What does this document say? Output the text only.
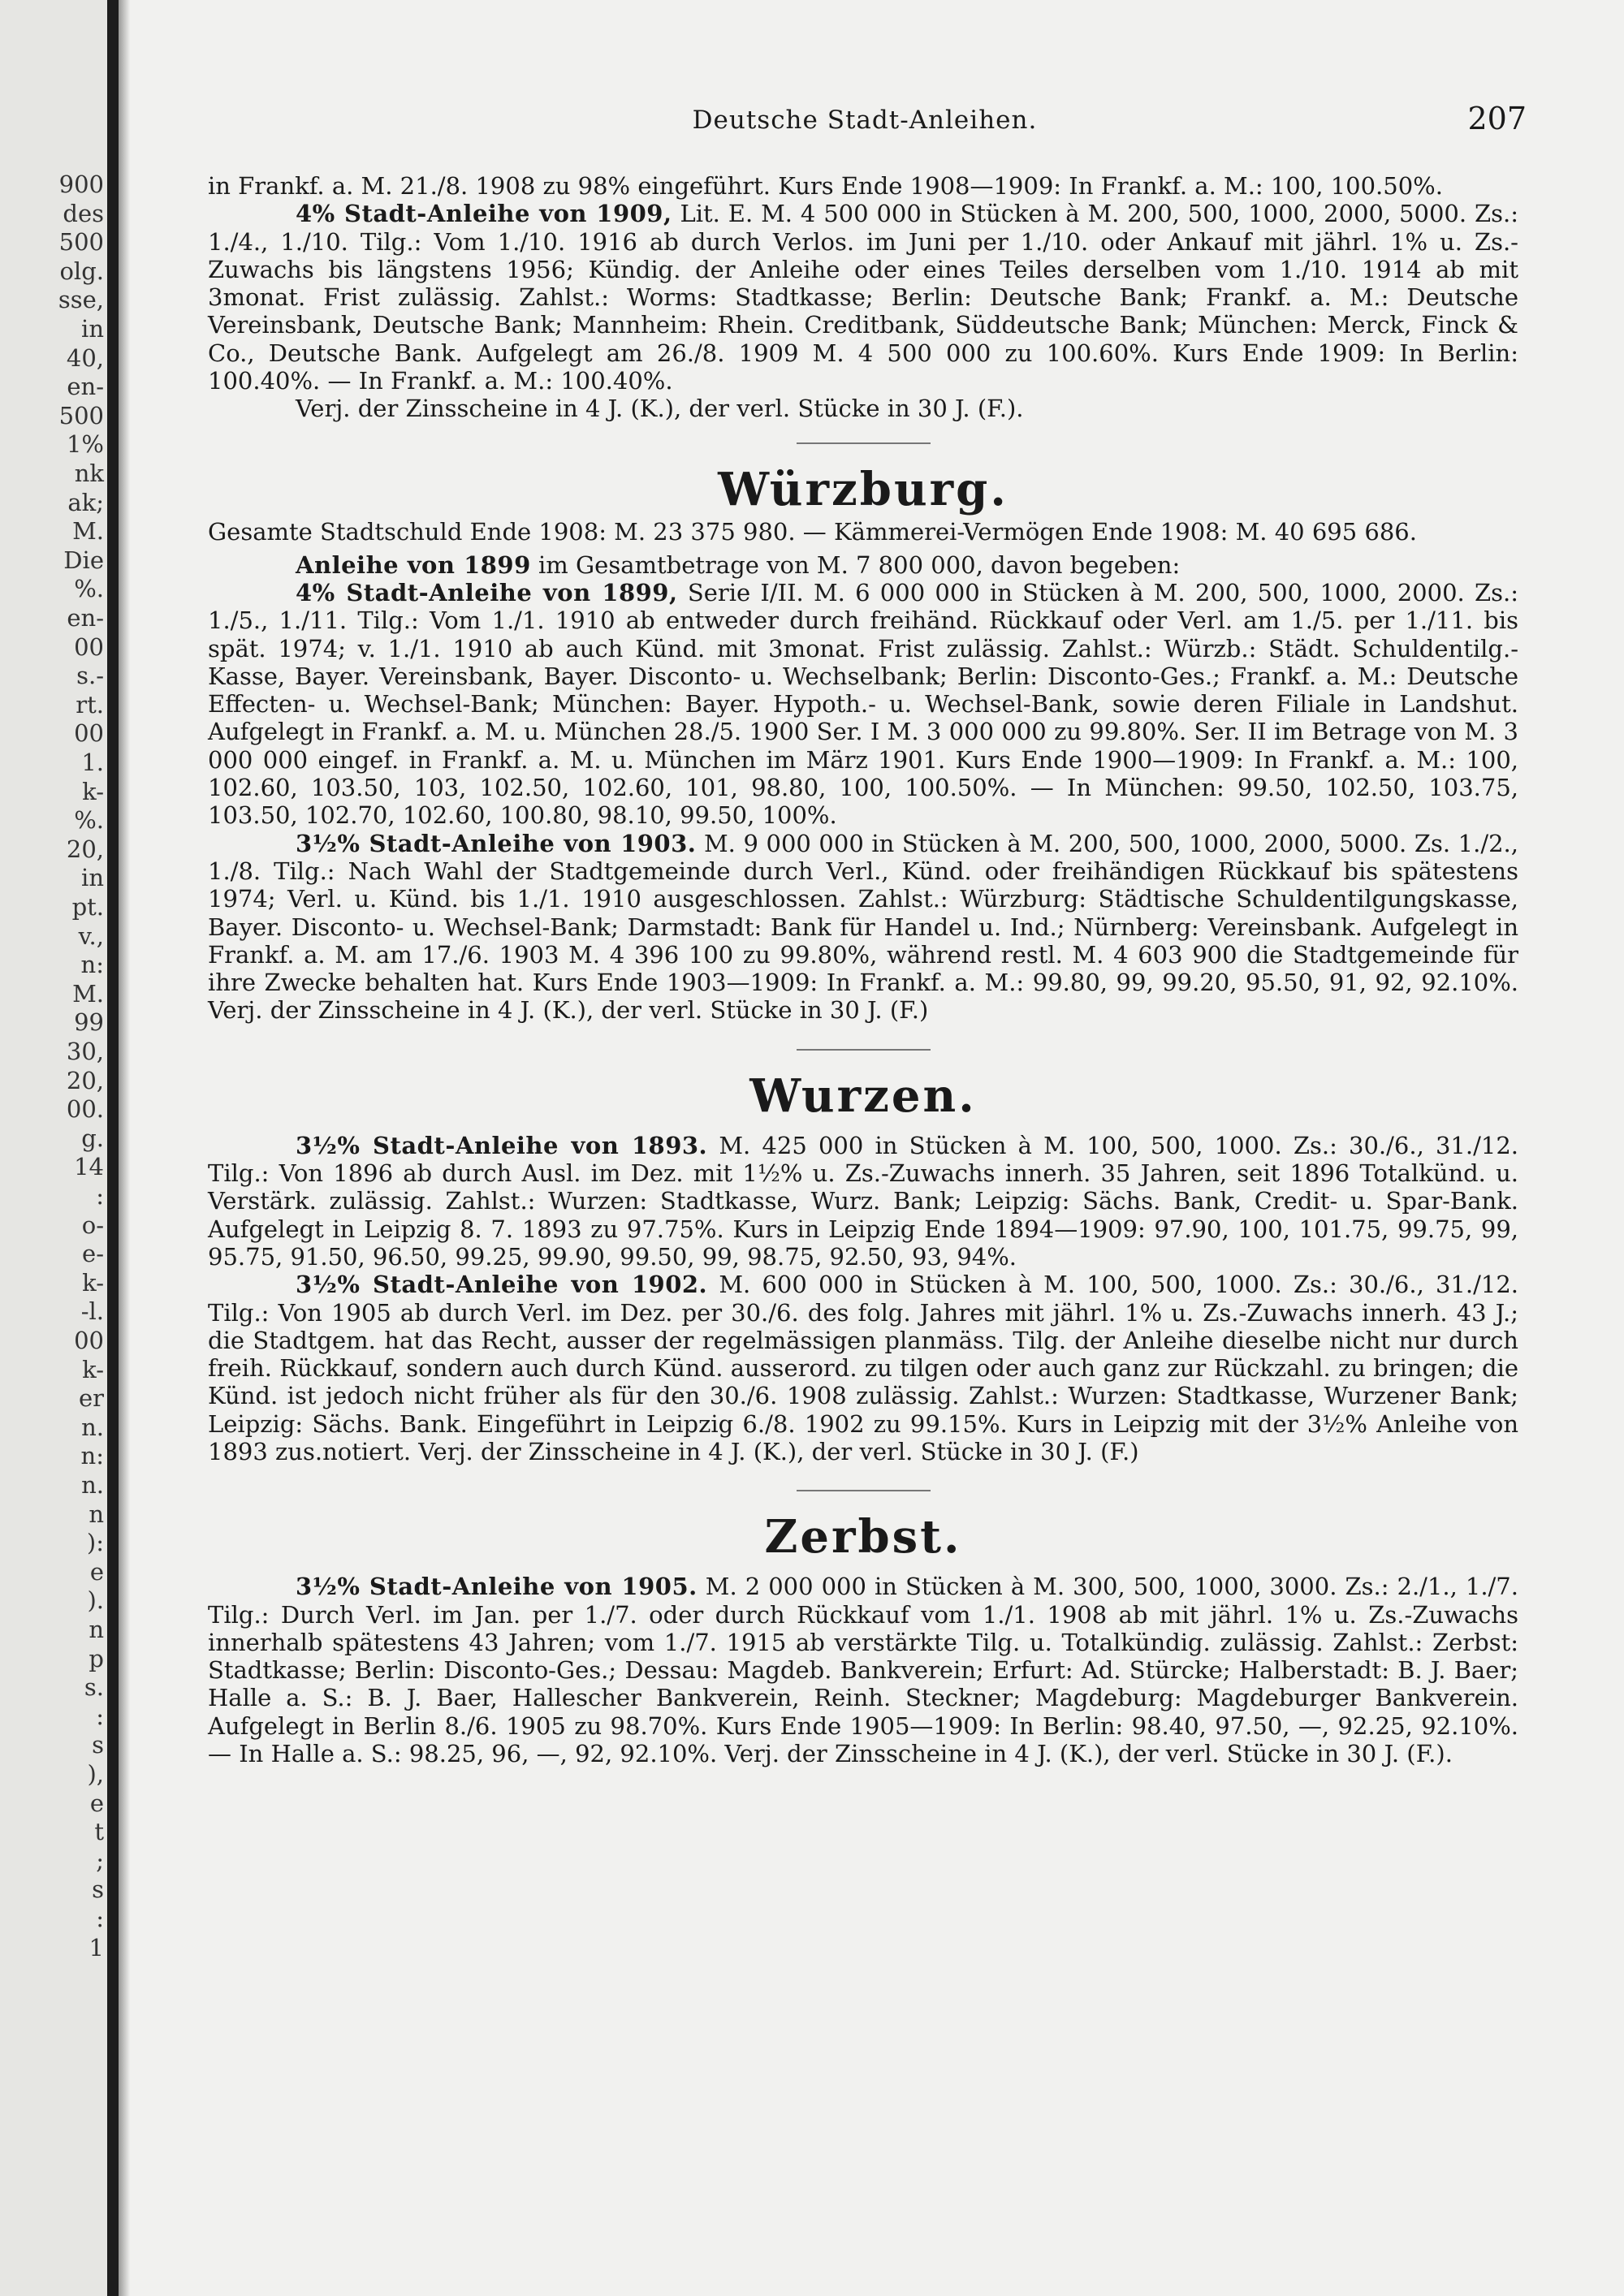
900
des
500
olg.
sse,
in
40,
en-
500
1%
nk
ak;
M.
Die
%.
en-
00
s.-
rt.
00
1.
k-
%.
20,
in
pt.
v.,
n:
M.
99
30,
20,
00.
g.
14
:
o-
e-
k-
-l.
00
k-
er
n.
n:
n.
n
):
e
).
n
p
s.
:
s
),
e
t
;
s
:
1
Deutsche Stadt-Anleihen.	207

in Frankf. a. M. 21./8. 1908 zu 98% eingeführt. Kurs Ende 1908—1909: In Frankf. a. M.: 100, 100.50%.

4% Stadt-Anleihe von 1909, Lit. E. M. 4 500 000 in Stücken à M. 200, 500, 1000, 2000, 5000. Zs.: 1./4., 1./10. Tilg.: Vom 1./10. 1916 ab durch Verlos. im Juni per 1./10. oder Ankauf mit jährl. 1% u. Zs.-Zuwachs bis längstens 1956; Kündig. der Anleihe oder eines Teiles derselben vom 1./10. 1914 ab mit 3monat. Frist zulässig. Zahlst.: Worms: Stadtkasse; Berlin: Deutsche Bank; Frankf. a. M.: Deutsche Vereinsbank, Deutsche Bank; Mannheim: Rhein. Creditbank, Süddeutsche Bank; München: Merck, Finck & Co., Deutsche Bank. Aufgelegt am 26./8. 1909 M. 4 500 000 zu 100.60%. Kurs Ende 1909: In Berlin: 100.40%. — In Frankf. a. M.: 100.40%.

Verj. der Zinsscheine in 4 J. (K.), der verl. Stücke in 30 J. (F.).

Würzburg.

Gesamte Stadtschuld Ende 1908: M. 23 375 980. — Kämmerei-Vermögen Ende 1908: M. 40 695 686.

Anleihe von 1899 im Gesamtbetrage von M. 7 800 000, davon begeben:

4% Stadt-Anleihe von 1899, Serie I/II. M. 6 000 000 in Stücken à M. 200, 500, 1000, 2000. Zs.: 1./5., 1./11. Tilg.: Vom 1./1. 1910 ab entweder durch freihänd. Rückkauf oder Verl. am 1./5. per 1./11. bis spät. 1974; v. 1./1. 1910 ab auch Künd. mit 3monat. Frist zulässig. Zahlst.: Würzb.: Städt. Schuldentilg.-Kasse, Bayer. Vereinsbank, Bayer. Disconto- u. Wechselbank; Berlin: Disconto-Ges.; Frankf. a. M.: Deutsche Effecten- u. Wechsel-Bank; München: Bayer. Hypoth.- u. Wechsel-Bank, sowie deren Filiale in Landshut. Aufgelegt in Frankf. a. M. u. München 28./5. 1900 Ser. I M. 3 000 000 zu 99.80%. Ser. II im Betrage von M. 3 000 000 eingef. in Frankf. a. M. u. München im März 1901. Kurs Ende 1900—1909: In Frankf. a. M.: 100, 102.60, 103.50, 103, 102.50, 102.60, 101, 98.80, 100, 100.50%. — In München: 99.50, 102.50, 103.75, 103.50, 102.70, 102.60, 100.80, 98.10, 99.50, 100%.

3½% Stadt-Anleihe von 1903. M. 9 000 000 in Stücken à M. 200, 500, 1000, 2000, 5000. Zs. 1./2., 1./8. Tilg.: Nach Wahl der Stadtgemeinde durch Verl., Künd. oder freihändigen Rückkauf bis spätestens 1974; Verl. u. Künd. bis 1./1. 1910 ausgeschlossen. Zahlst.: Würzburg: Städtische Schuldentilgungskasse, Bayer. Disconto- u. Wechsel-Bank; Darmstadt: Bank für Handel u. Ind.; Nürnberg: Vereinsbank. Aufgelegt in Frankf. a. M. am 17./6. 1903 M. 4 396 100 zu 99.80%, während restl. M. 4 603 900 die Stadtgemeinde für ihre Zwecke behalten hat. Kurs Ende 1903—1909: In Frankf. a. M.: 99.80, 99, 99.20, 95.50, 91, 92, 92.10%. Verj. der Zinsscheine in 4 J. (K.), der verl. Stücke in 30 J. (F.)

Wurzen.

3½% Stadt-Anleihe von 1893. M. 425 000 in Stücken à M. 100, 500, 1000. Zs.: 30./6., 31./12. Tilg.: Von 1896 ab durch Ausl. im Dez. mit 1½% u. Zs.-Zuwachs innerh. 35 Jahren, seit 1896 Totalkünd. u. Verstärk. zulässig. Zahlst.: Wurzen: Stadtkasse, Wurz. Bank; Leipzig: Sächs. Bank, Credit- u. Spar-Bank. Aufgelegt in Leipzig 8. 7. 1893 zu 97.75%. Kurs in Leipzig Ende 1894—1909: 97.90, 100, 101.75, 99.75, 99, 95.75, 91.50, 96.50, 99.25, 99.90, 99.50, 99, 98.75, 92.50, 93, 94%.

3½% Stadt-Anleihe von 1902. M. 600 000 in Stücken à M. 100, 500, 1000. Zs.: 30./6., 31./12. Tilg.: Von 1905 ab durch Verl. im Dez. per 30./6. des folg. Jahres mit jährl. 1% u. Zs.-Zuwachs innerh. 43 J.; die Stadtgem. hat das Recht, ausser der regelmässigen planmäss. Tilg. der Anleihe dieselbe nicht nur durch freih. Rückkauf, sondern auch durch Künd. ausserord. zu tilgen oder auch ganz zur Rückzahl. zu bringen; die Künd. ist jedoch nicht früher als für den 30./6. 1908 zulässig. Zahlst.: Wurzen: Stadtkasse, Wurzener Bank; Leipzig: Sächs. Bank. Eingeführt in Leipzig 6./8. 1902 zu 99.15%. Kurs in Leipzig mit der 3½% Anleihe von 1893 zus.notiert. Verj. der Zinsscheine in 4 J. (K.), der verl. Stücke in 30 J. (F.)

Zerbst.

3½% Stadt-Anleihe von 1905. M. 2 000 000 in Stücken à M. 300, 500, 1000, 3000. Zs.: 2./1., 1./7. Tilg.: Durch Verl. im Jan. per 1./7. oder durch Rückkauf vom 1./1. 1908 ab mit jährl. 1% u. Zs.-Zuwachs innerhalb spätestens 43 Jahren; vom 1./7. 1915 ab verstärkte Tilg. u. Totalkündig. zulässig. Zahlst.: Zerbst: Stadtkasse; Berlin: Disconto-Ges.; Dessau: Magdeb. Bankverein; Erfurt: Ad. Stürcke; Halberstadt: B. J. Baer; Halle a. S.: B. J. Baer, Hallescher Bankverein, Reinh. Steckner; Magdeburg: Magdeburger Bankverein. Aufgelegt in Berlin 8./6. 1905 zu 98.70%. Kurs Ende 1905—1909: In Berlin: 98.40, 97.50, —, 92.25, 92.10%. — In Halle a. S.: 98.25, 96, —, 92, 92.10%. Verj. der Zinsscheine in 4 J. (K.), der verl. Stücke in 30 J. (F.).
